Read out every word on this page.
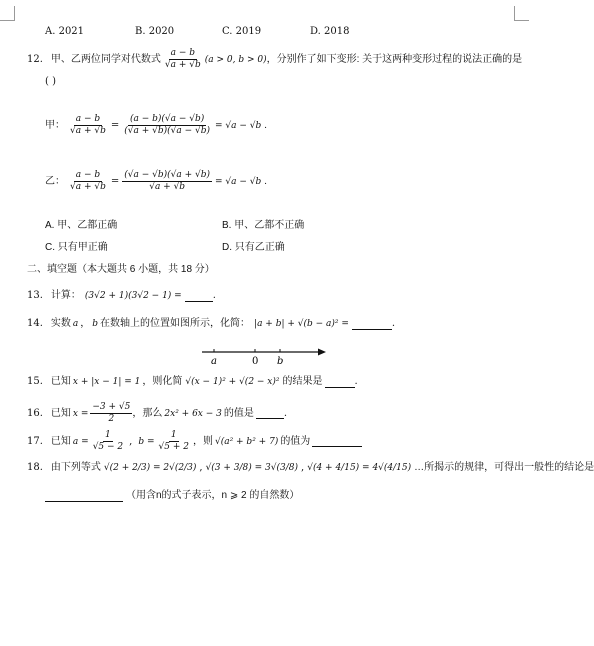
A. 2021	B. 2020	C. 2019	D. 2018
12. 甲、乙两位同学对代数式 $\frac{a - b}{√a + √b} (a > 0$, b > 0) ，分别作了如下变形: 关于这两种变形过程的说法正确的是
( )
甲： $\frac{a - b}{√a + √b} = \frac{(a - b)(√a - √b)}{(√a + √b)(√a - √b)} = √a - √b$ .
乙： $\frac{a - b}{√a + √b} = \frac{(√a - √b)(√a + √b)}{√a + √b} = √a - √b$ .
A. 甲、乙都正确	B. 甲、乙都不正确
C. 只有甲正确	D. 只有乙正确
二、填空题（本大题共 6 小题，共 18 分）
13. 计算： (3√2 + 1)(3√2 − 1) =	.
14. 实数 a ， b 在数轴上的位置如图所示，化简： |a + b| + √(b − a)² =	.
a	0 b
15. 已知 x + |x − 1| = 1 ，则化简 √(x − 1)² + √(2 − x)² 的结果是	.
16. 已知 $x = \frac{-3 + √5}{2}$ ，那么 2x² + 6x − 3 的值是	.
17. 已知 $a = \frac{1}{√5 - 2}$ , $b = \frac{1}{√5 + 2}$ ，则 √(a² + b² + 7) 的值为
18. 由下列等式 √(2 + 2/3) = 2√(2/3) , √(3 + 3/8) = 3√(3/8) , √(4 + 4/15) = 4√(4/15) …所揭示的规律，可得出一般性的结论是
（用含n的式子表示，n ⩾ 2 的自然数）
